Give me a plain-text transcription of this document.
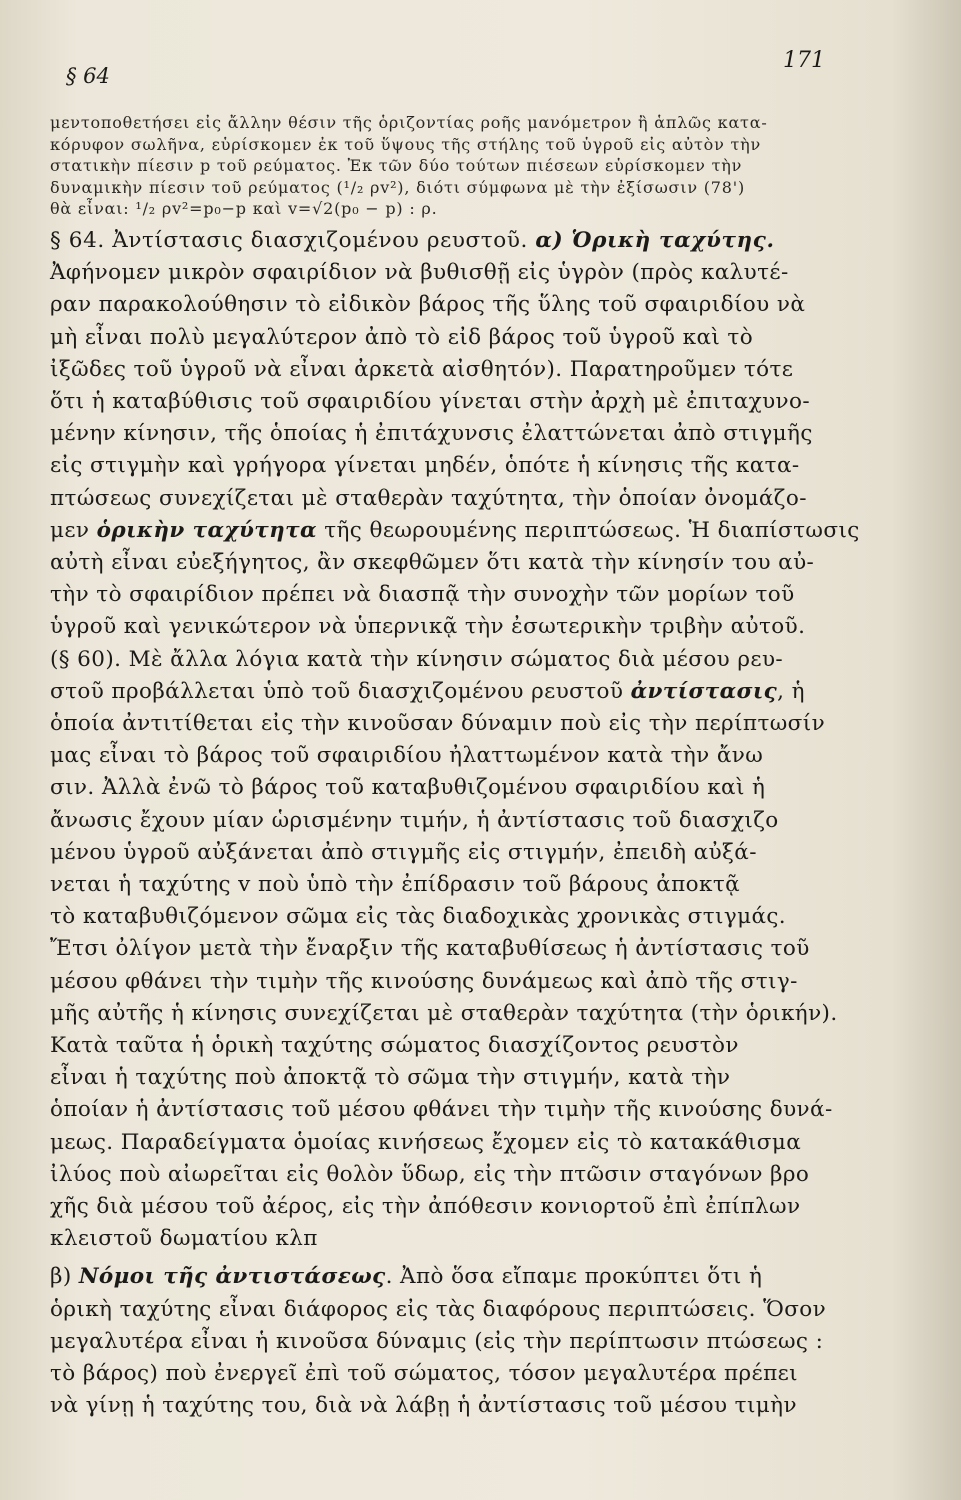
§ 64
171

μεντοποθετήσει εἰς ἄλλην θέσιν τῆς ὁριζοντίας ροῆς μανόμετρον ἢ ἁπλῶς κατα-

κόρυφον σωλῆνα, εὑρίσκομεν ἐκ τοῦ ὕψους τῆς στήλης τοῦ ὑγροῦ εἰς αὐτὸν τὴν

στατικὴν πίεσιν p τοῦ ρεύματος. Ἐκ τῶν δύο τούτων πιέσεων εὑρίσκομεν τὴν

δυναμικὴν πίεσιν τοῦ ρεύματος (¹/₂ ρv²), διότι σύμφωνα μὲ τὴν ἐξίσωσιν (78')

θὰ εἶναι: ¹/₂ ρv²=p₀−p καὶ v=√2(p₀ − p) : ρ.

§ 64. Ἀντίστασις διασχιζομένου ρευστοῦ. α) Ὁρικὴ ταχύτης.

Ἀφήνομεν μικρὸν σφαιρίδιον νὰ βυθισθῇ εἰς ὑγρὸν (πρὸς καλυτέ-

ραν παρακολούθησιν τὸ εἰδικὸν βάρος τῆς ὕλης τοῦ σφαιριδίου νὰ

μὴ εἶναι πολὺ μεγαλύτερον ἀπὸ τὸ εἰδ βάρος τοῦ ὑγροῦ καὶ τὸ

ἰξῶδες τοῦ ὑγροῦ νὰ εἶναι ἀρκετὰ αἰσθητόν). Παρατηροῦμεν τότε

ὅτι ἡ καταβύθισις τοῦ σφαιριδίου γίνεται στὴν ἀρχὴ μὲ ἐπιταχυνο-

μένην κίνησιν, τῆς ὁποίας ἡ ἐπιτάχυνσις ἐλαττώνεται ἀπὸ στιγμῆς

εἰς στιγμὴν καὶ γρήγορα γίνεται μηδέν, ὁπότε ἡ κίνησις τῆς κατα-

πτώσεως συνεχίζεται μὲ σταθερὰν ταχύτητα, τὴν ὁποίαν ὀνομάζο-

μεν ὁρικὴν ταχύτητα τῆς θεωρουμένης περιπτώσεως. Ἡ διαπίστωσις

αὐτὴ εἶναι εὐεξήγητος, ἂν σκεφθῶμεν ὅτι κατὰ τὴν κίνησίν του αὐ-

τὴν τὸ σφαιρίδιον πρέπει νὰ διασπᾷ τὴν συνοχὴν τῶν μορίων τοῦ

ὑγροῦ καὶ γενικώτερον νὰ ὑπερνικᾷ τὴν ἐσωτερικὴν τριβὴν αὐτοῦ.

(§ 60). Μὲ ἄλλα λόγια κατὰ τὴν κίνησιν σώματος διὰ μέσου ρευ-

στοῦ προβάλλεται ὑπὸ τοῦ διασχιζομένου ρευστοῦ ἀντίστασις, ἡ

ὁποία ἀντιτίθεται εἰς τὴν κινοῦσαν δύναμιν ποὺ εἰς τὴν περίπτωσίν

μας εἶναι τὸ βάρος τοῦ σφαιριδίου ἠλαττωμένον κατὰ τὴν ἄνω

σιν. Ἀλλὰ ἐνῶ τὸ βάρος τοῦ καταβυθιζομένου σφαιριδίου καὶ ἡ

ἄνωσις ἔχουν μίαν ὡρισμένην τιμήν, ἡ ἀντίστασις τοῦ διασχιζο

μένου ὑγροῦ αὐξάνεται ἀπὸ στιγμῆς εἰς στιγμήν, ἐπειδὴ αὐξά-

νεται ἡ ταχύτης v ποὺ ὑπὸ τὴν ἐπίδρασιν τοῦ βάρους ἀποκτᾷ

τὸ καταβυθιζόμενον σῶμα εἰς τὰς διαδοχικὰς χρονικὰς στιγμάς.

Ἔτσι ὀλίγον μετὰ τὴν ἔναρξιν τῆς καταβυθίσεως ἡ ἀντίστασις τοῦ

μέσου φθάνει τὴν τιμὴν τῆς κινούσης δυνάμεως καὶ ἀπὸ τῆς στιγ-

μῆς αὐτῆς ἡ κίνησις συνεχίζεται μὲ σταθερὰν ταχύτητα (τὴν ὁρικήν).

Κατὰ ταῦτα ἡ ὁρικὴ ταχύτης σώματος διασχίζοντος ρευστὸν

εἶναι ἡ ταχύτης ποὺ ἀποκτᾷ τὸ σῶμα τὴν στιγμήν, κατὰ τὴν

ὁποίαν ἡ ἀντίστασις τοῦ μέσου φθάνει τὴν τιμὴν τῆς κινούσης δυνά-

μεως. Παραδείγματα ὁμοίας κινήσεως ἔχομεν εἰς τὸ κατακάθισμα

ἰλύος ποὺ αἰωρεῖται εἰς θολὸν ὕδωρ, εἰς τὴν πτῶσιν σταγόνων βρο

χῆς διὰ μέσου τοῦ ἀέρος, εἰς τὴν ἀπόθεσιν κονιορτοῦ ἐπὶ ἐπίπλων

κλειστοῦ δωματίου κλπ

β) Νόμοι τῆς ἀντιστάσεως. Ἀπὸ ὅσα εἴπαμε προκύπτει ὅτι ἡ

ὁρικὴ ταχύτης εἶναι διάφορος εἰς τὰς διαφόρους περιπτώσεις. Ὅσον

μεγαλυτέρα εἶναι ἡ κινοῦσα δύναμις (εἰς τὴν περίπτωσιν πτώσεως :

τὸ βάρος) ποὺ ἐνεργεῖ ἐπὶ τοῦ σώματος, τόσον μεγαλυτέρα πρέπει

νὰ γίνῃ ἡ ταχύτης του, διὰ νὰ λάβῃ ἡ ἀντίστασις τοῦ μέσου τιμὴν
